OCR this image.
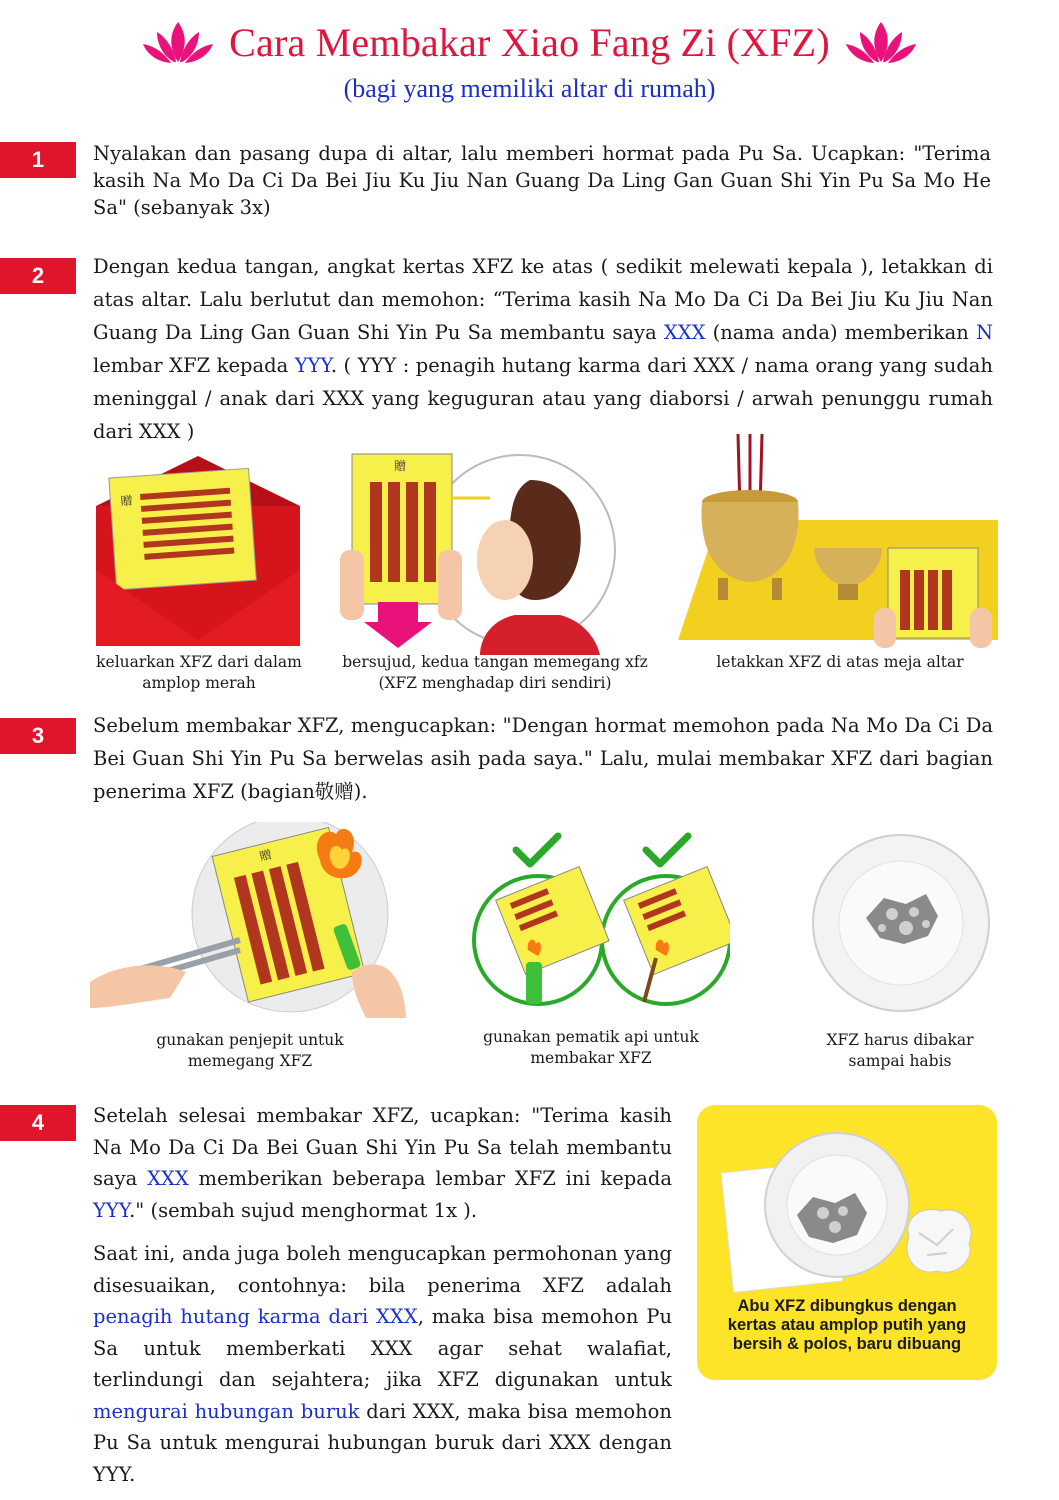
Cara Membakar Xiao Fang Zi (XFZ)
(bagi yang memiliki altar di rumah)
1	Nyalakan dan pasang dupa di altar, lalu memberi hormat pada Pu Sa. Ucapkan: "Terima kasih Na Mo Da Ci Da Bei Jiu Ku Jiu Nan Guang Da Ling Gan Guan Shi Yin Pu Sa Mo He Sa" (sebanyak 3x)
2	Dengan kedua tangan, angkat kertas XFZ ke atas ( sedikit melewati kepala ), letakkan di atas altar. Lalu berlutut dan memohon: “Terima kasih Na Mo Da Ci Da Bei Jiu Ku Jiu Nan Guang Da Ling Gan Guan Shi Yin Pu Sa membantu saya XXX (nama anda) memberikan N lembar XFZ kepada YYY. ( YYY : penagih hutang karma dari XXX / nama orang yang sudah meninggal / anak dari XXX yang keguguran atau yang diaborsi / arwah penunggu rumah dari XXX )
贈
贈
keluarkan XFZ dari dalam
amplop merah
bersujud, kedua tangan memegang xfz
(XFZ menghadap diri sendiri)
letakkan XFZ di atas meja altar
3	Sebelum membakar XFZ, mengucapkan: "Dengan hormat memohon pada Na Mo Da Ci Da Bei Guan Shi Yin Pu Sa berwelas asih pada saya." Lalu, mulai membakar XFZ dari bagian penerima XFZ (bagian敬赠).
贈
gunakan penjepit untuk
memegang XFZ
gunakan pematik api untuk
membakar XFZ
XFZ harus dibakar
sampai habis
4	Setelah selesai membakar XFZ, ucapkan: "Terima kasih Na Mo Da Ci Da Bei Guan Shi Yin Pu Sa telah membantu saya XXX memberikan beberapa lembar XFZ ini kepada YYY." (sembah sujud menghormat 1x ).
Saat ini, anda juga boleh mengucapkan permohonan yang disesuaikan, contohnya: bila penerima XFZ adalah penagih hutang karma dari XXX, maka bisa memohon Pu Sa untuk memberkati XXX agar sehat walafiat, terlindungi dan sejahtera; jika XFZ digunakan untuk mengurai hubungan buruk dari XXX, maka bisa memohon Pu Sa untuk mengurai hubungan buruk dari XXX dengan YYY.
Abu XFZ dibungkus dengan
kertas atau amplop putih yang
bersih & polos, baru dibuang
